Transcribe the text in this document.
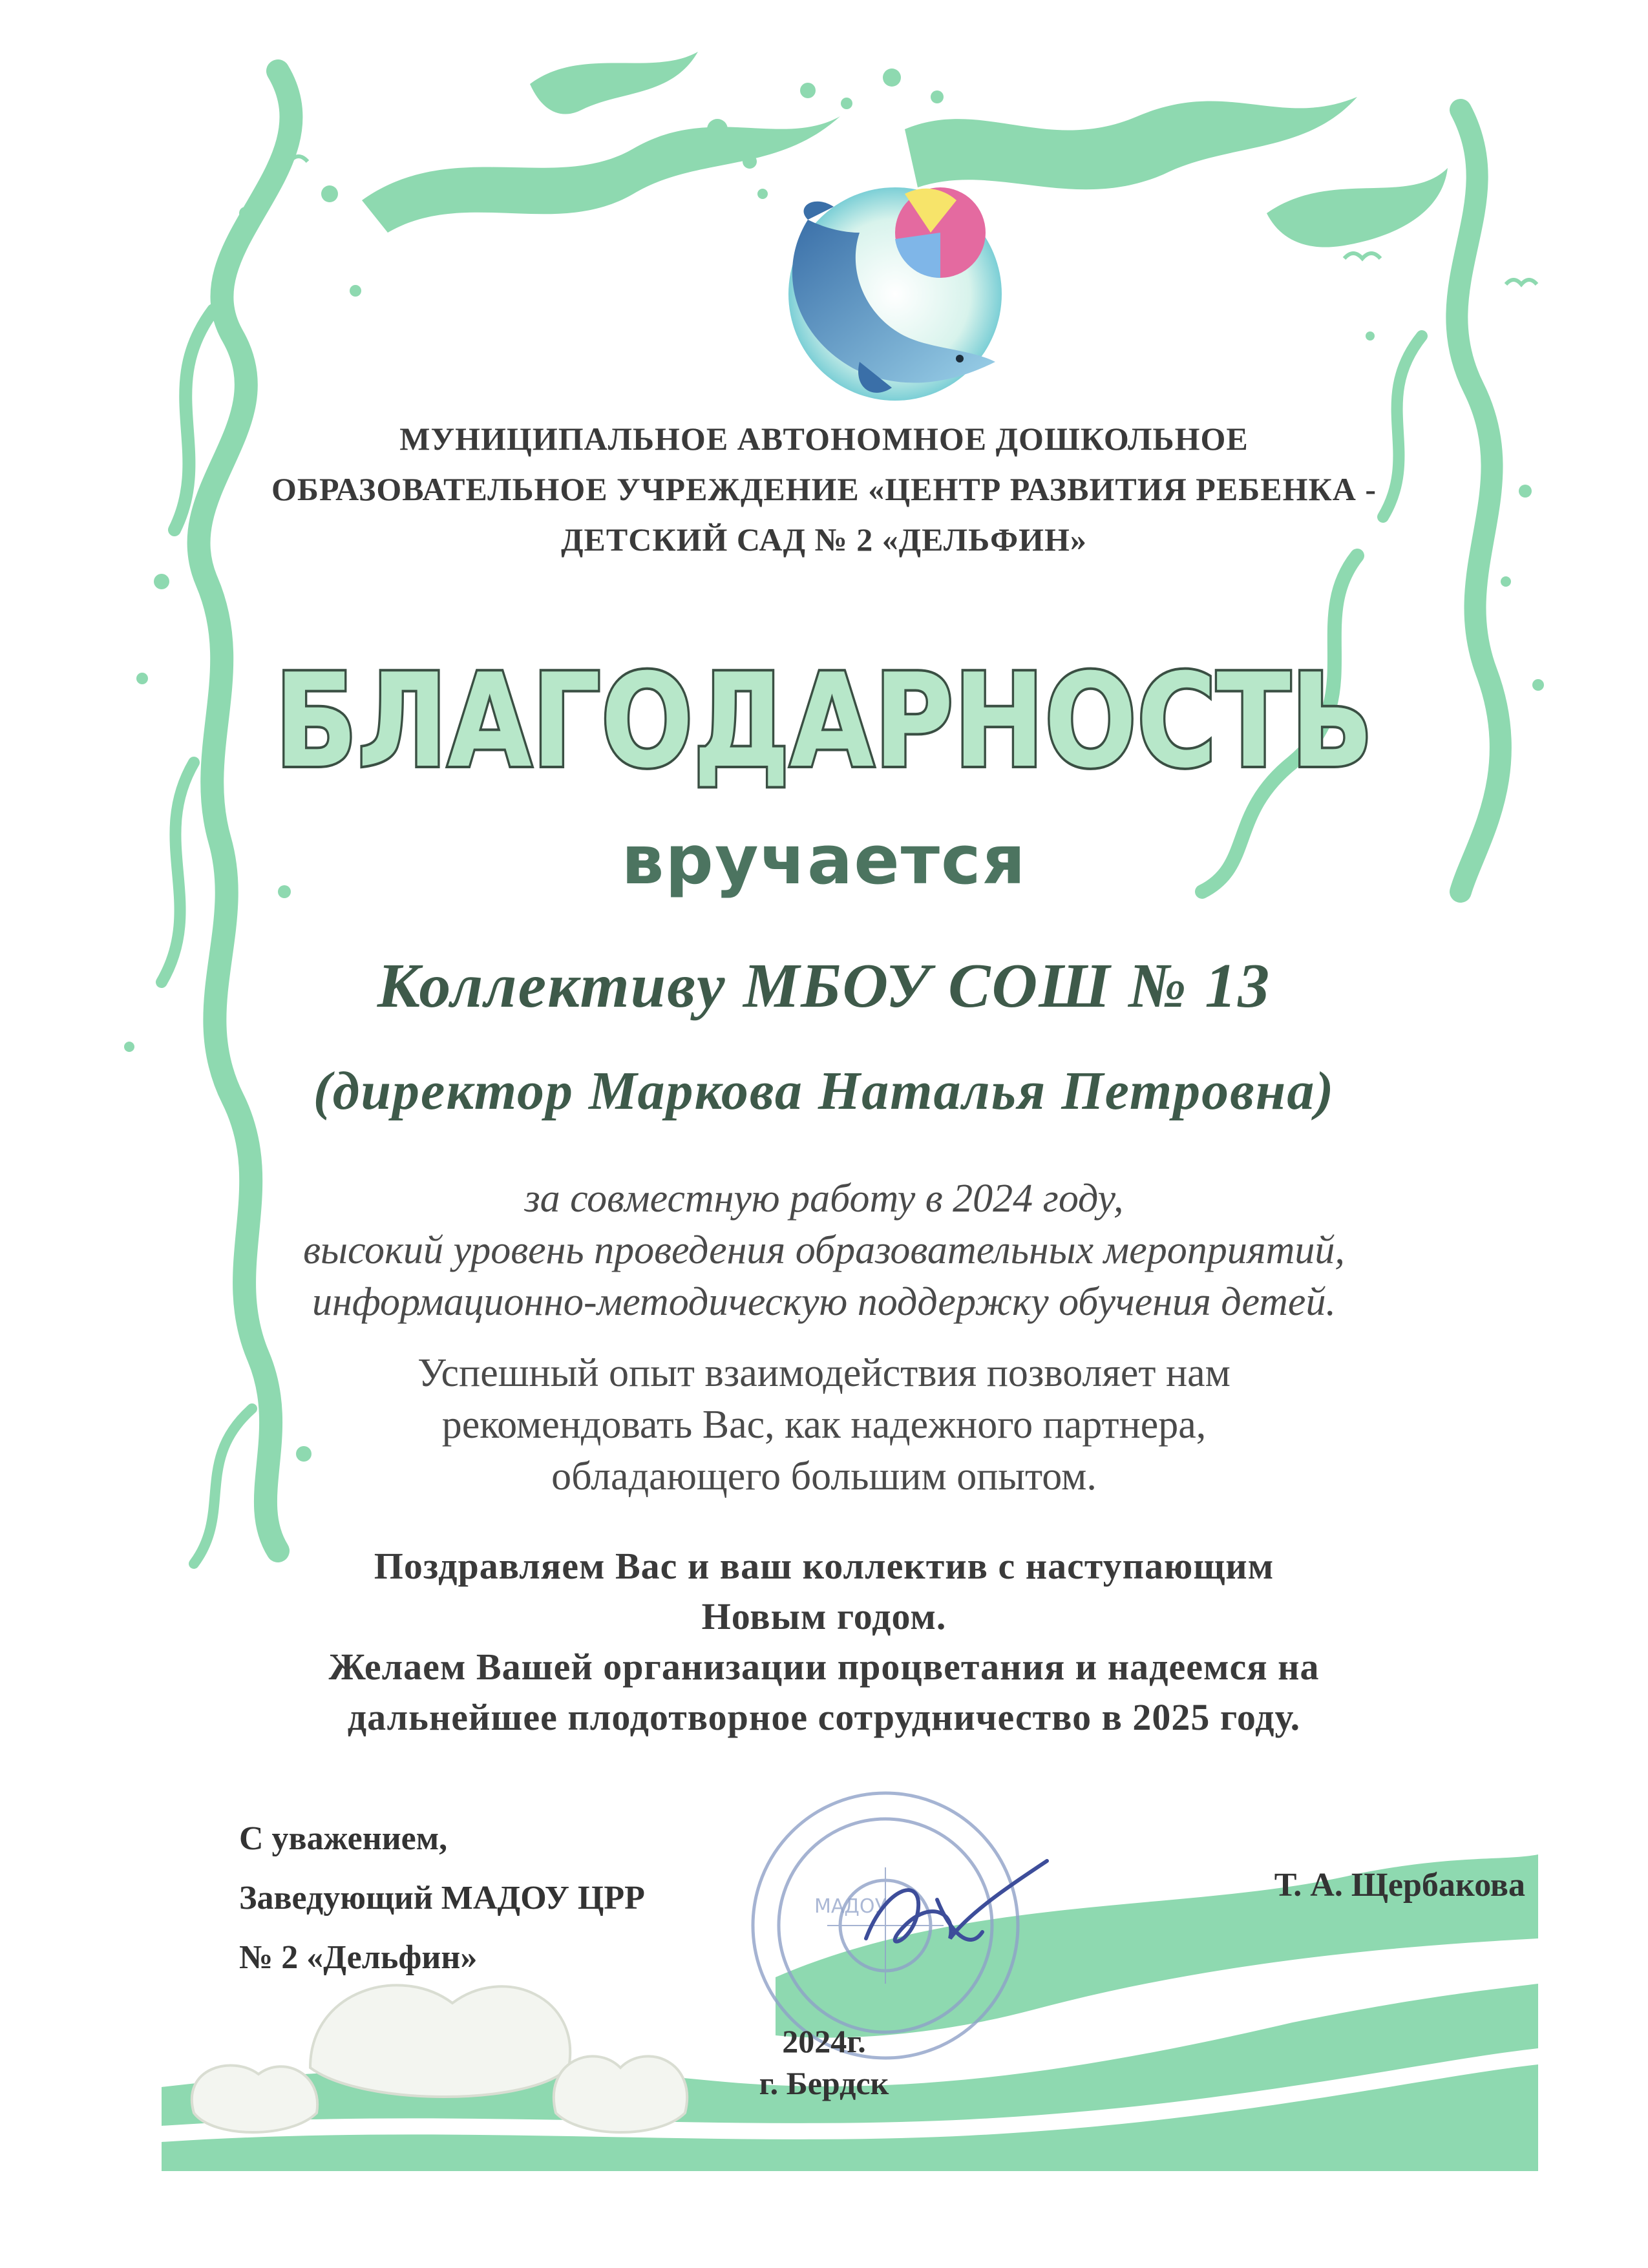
МАДОУ
МУНИЦИПАЛЬНОЕ АВТОНОМНОЕ ДОШКОЛЬНОЕ
ОБРАЗОВАТЕЛЬНОЕ УЧРЕЖДЕНИЕ «ЦЕНТР РАЗВИТИЯ РЕБЕНКА -
ДЕТСКИЙ САД № 2 «ДЕЛЬФИН»
БЛАГОДАРНОСТЬ
вручается
Коллективу МБОУ СОШ № 13
(директор Маркова Наталья Петровна)
за совместную работу в 2024 году,
высокий уровень проведения образовательных мероприятий,
информационно-методическую поддержку обучения детей.
Успешный опыт взаимодействия позволяет нам
рекомендовать Вас, как надежного партнера,
обладающего большим опытом.
Поздравляем Вас и ваш коллектив с наступающим
Новым годом.
Желаем Вашей организации процветания и надеемся на
дальнейшее плодотворное сотрудничество в 2025 году.
С уважением,
Заведующий МАДОУ ЦРР
№ 2 «Дельфин»
Т. А. Щербакова
2024г.
г. Бердск
